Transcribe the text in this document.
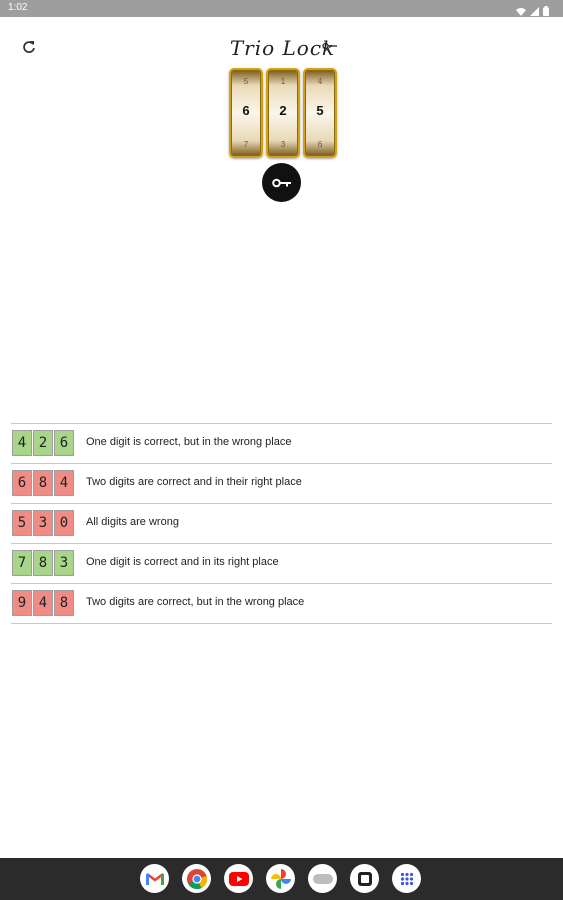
1:02
Trio Lock
5
6
7
1
2
3
4
5
6
4 2 6	One digit is correct, but in the wrong place
6 8 4	Two digits are correct and in their right place
5 3 0	All digits are wrong
7 8 3	One digit is correct and in its right place
9 4 8	Two digits are correct, but in the wrong place
